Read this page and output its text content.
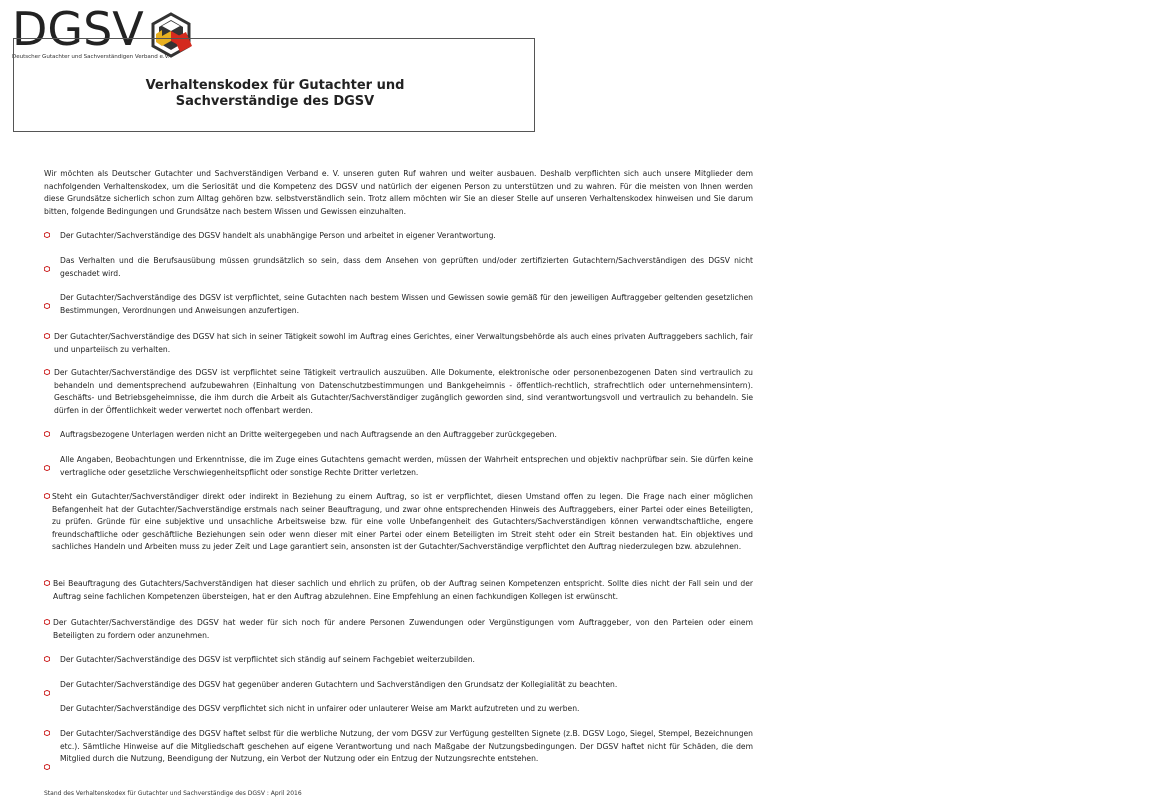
DGSV
Deutscher Gutachter und Sachverständigen Verband e.V.
Verhaltenskodex für Gutachter und
Sachverständige des DGSV

Wir möchten als Deutscher Gutachter und Sachverständigen Verband e. V. unseren guten Ruf wahren und weiter ausbauen. Deshalb verpflichten sich auch unsere Mitglieder dem nachfolgenden Verhaltenskodex, um die Seriosität und die Kompetenz des DGSV und natürlich der eigenen Person zu unterstützen und zu wahren. Für die meisten von Ihnen werden diese Grundsätze sicherlich schon zum Alltag gehören bzw. selbstverständlich sein. Trotz allem möchten wir Sie an dieser Stelle auf unseren Verhaltenskodex hinweisen und Sie darum bitten, folgende Bedingungen und Grundsätze nach bestem Wissen und Gewissen einzuhalten.

Der Gutachter/Sachverständige des DGSV handelt als unabhängige Person und arbeitet in eigener Verantwortung.

Das Verhalten und die Berufsausübung müssen grundsätzlich so sein, dass dem Ansehen von geprüften und/oder zertifizierten Gutachtern/Sachverständigen des DGSV nicht geschadet wird.

Der Gutachter/Sachverständige des DGSV ist verpflichtet, seine Gutachten nach bestem Wissen und Gewissen sowie gemäß für den jeweiligen Auftraggeber geltenden gesetzlichen Bestimmungen, Verordnungen und Anweisungen anzufertigen.

Der Gutachter/Sachverständige des DGSV hat sich in seiner Tätigkeit sowohl im Auftrag eines Gerichtes, einer Verwaltungsbehörde als auch eines privaten Auftraggebers sachlich, fair und unparteiisch zu verhalten.

Der Gutachter/Sachverständige des DGSV ist verpflichtet seine Tätigkeit vertraulich auszuüben. Alle Dokumente, elektronische oder personenbezogenen Daten sind vertraulich zu behandeln und dementsprechend aufzubewahren (Einhaltung von Datenschutzbestimmungen und Bankgeheimnis - öffentlich-rechtlich, strafrechtlich oder unternehmensintern). Geschäfts- und Betriebsgeheimnisse, die ihm durch die Arbeit als Gutachter/Sachverständiger zugänglich geworden sind, sind verantwortungsvoll und vertraulich zu behandeln. Sie dürfen in der Öffentlichkeit weder verwertet noch offenbart werden.

Auftragsbezogene Unterlagen werden nicht an Dritte weitergegeben und nach Auftragsende an den Auftraggeber zurückgegeben.

Alle Angaben, Beobachtungen und Erkenntnisse, die im Zuge eines Gutachtens gemacht werden, müssen der Wahrheit entsprechen und objektiv nachprüfbar sein. Sie dürfen keine vertragliche oder gesetzliche Verschwiegenheitspflicht oder sonstige Rechte Dritter verletzen.

Steht ein Gutachter/Sachverständiger direkt oder indirekt in Beziehung zu einem Auftrag, so ist er verpflichtet, diesen Umstand offen zu legen. Die Frage nach einer möglichen Befangenheit hat der Gutachter/Sachverständige erstmals nach seiner Beauftragung, und zwar ohne entsprechenden Hinweis des Auftraggebers, einer Partei oder eines Beteiligten, zu prüfen. Gründe für eine subjektive und unsachliche Arbeitsweise bzw. für eine volle Unbefangenheit des Gutachters/Sachverständigen können verwandtschaftliche, engere freundschaftliche oder geschäftliche Beziehungen sein oder wenn dieser mit einer Partei oder einem Beteiligten im Streit steht oder ein Streit bestanden hat. Ein objektives und sachliches Handeln und Arbeiten muss zu jeder Zeit und Lage garantiert sein, ansonsten ist der Gutachter/Sachverständige verpflichtet den Auftrag niederzulegen bzw. abzulehnen.

Bei Beauftragung des Gutachters/Sachverständigen hat dieser sachlich und ehrlich zu prüfen, ob der Auftrag seinen Kompetenzen entspricht. Sollte dies nicht der Fall sein und der Auftrag seine fachlichen Kompetenzen übersteigen, hat er den Auftrag abzulehnen. Eine Empfehlung an einen fachkundigen Kollegen ist erwünscht.

Der Gutachter/Sachverständige des DGSV hat weder für sich noch für andere Personen Zuwendungen oder Vergünstigungen vom Auftraggeber, von den Parteien oder einem Beteiligten zu fordern oder anzunehmen.

Der Gutachter/Sachverständige des DGSV ist verpflichtet sich ständig auf seinem Fachgebiet weiterzubilden.

Der Gutachter/Sachverständige des DGSV hat gegenüber anderen Gutachtern und Sachverständigen den Grundsatz der Kollegialität zu beachten.

Der Gutachter/Sachverständige des DGSV verpflichtet sich nicht in unfairer oder unlauterer Weise am Markt aufzutreten und zu werben.

Der Gutachter/Sachverständige des DGSV haftet selbst für die werbliche Nutzung, der vom DGSV zur Verfügung gestellten Signete (z.B. DGSV Logo, Siegel, Stempel, Bezeichnungen etc.). Sämtliche Hinweise auf die Mitgliedschaft geschehen auf eigene Verantwortung und nach Maßgabe der Nutzungsbedingungen. Der DGSV haftet nicht für Schäden, die dem Mitglied durch die Nutzung, Beendigung der Nutzung, ein Verbot der Nutzung oder ein Entzug der Nutzungsrechte entstehen.

Stand des Verhaltenskodex für Gutachter und Sachverständige des DGSV : April 2016
